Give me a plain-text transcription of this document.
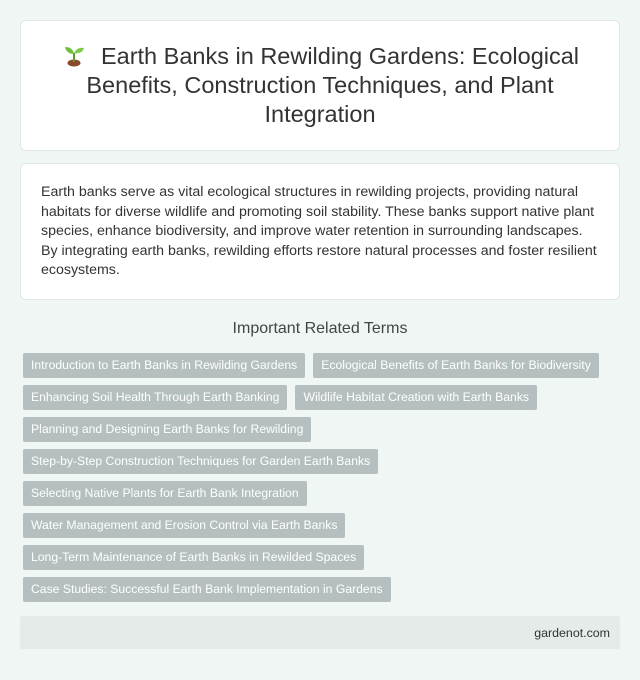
Earth Banks in Rewilding Gardens: Ecological Benefits, Construction Techniques, and Plant Integration

Earth banks serve as vital ecological structures in rewilding projects, providing natural habitats for diverse wildlife and promoting soil stability. These banks support native plant species, enhance biodiversity, and improve water retention in surrounding landscapes. By integrating earth banks, rewilding efforts restore natural processes and foster resilient ecosystems.

Important Related Terms
Introduction to Earth Banks in Rewilding Gardens	Ecological Benefits of Earth Banks for Biodiversity
Enhancing Soil Health Through Earth Banking	Wildlife Habitat Creation with Earth Banks
Planning and Designing Earth Banks for Rewilding
Step-by-Step Construction Techniques for Garden Earth Banks
Selecting Native Plants for Earth Bank Integration
Water Management and Erosion Control via Earth Banks
Long-Term Maintenance of Earth Banks in Rewilded Spaces
Case Studies: Successful Earth Bank Implementation in Gardens
gardenot.com
